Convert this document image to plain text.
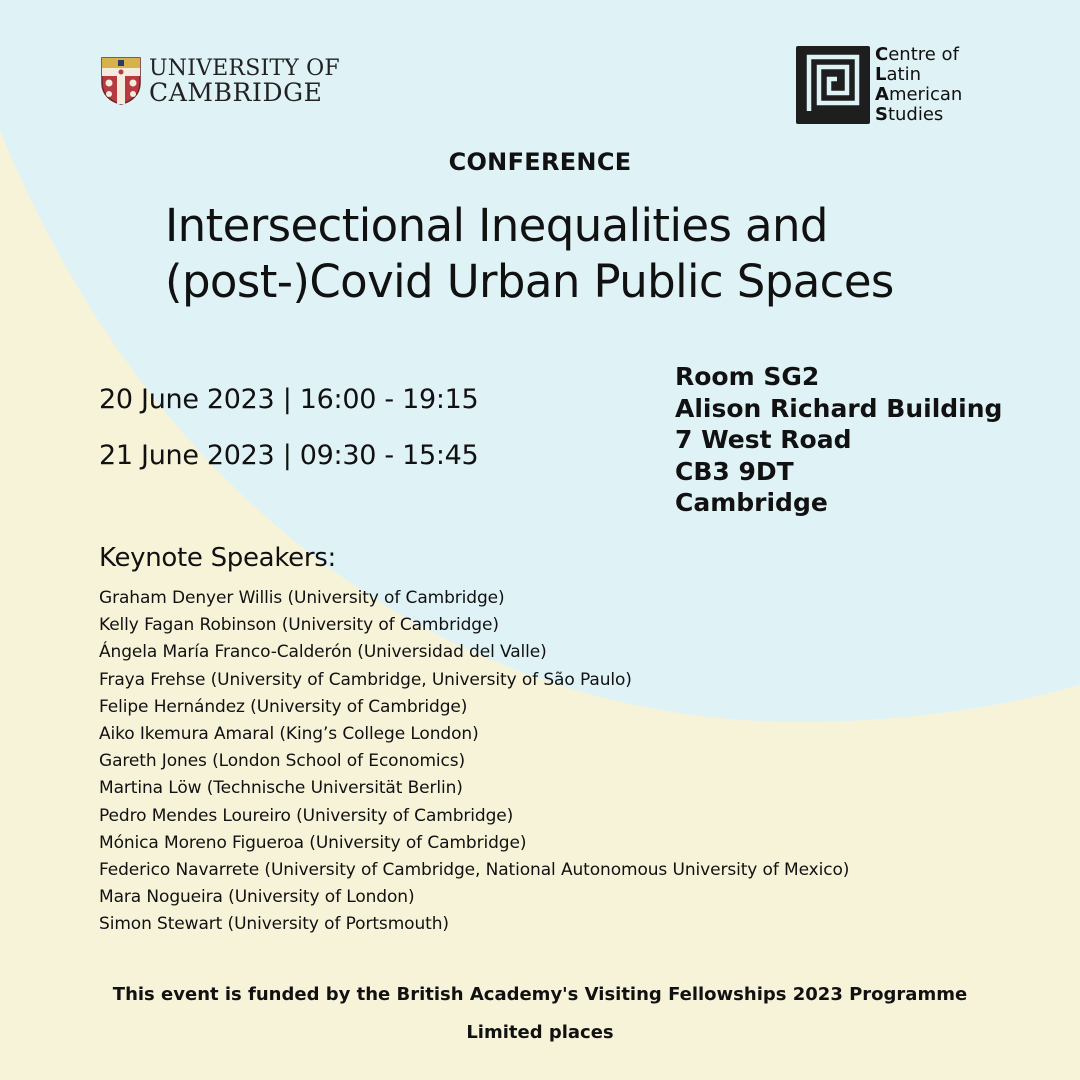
UNIVERSITY OF
CAMBRIDGE
Centre of
Latin
American
Studies
CONFERENCE
Intersectional Inequalities and
(post-)Covid Urban Public Spaces
20 June 2023 | 16:00 - 19:15
21 June 2023 | 09:30 - 15:45
Room SG2
Alison Richard Building
7 West Road
CB3 9DT
Cambridge
Keynote Speakers:
Graham Denyer Willis (University of Cambridge)
Kelly Fagan Robinson (University of Cambridge)
Ángela María Franco-Calderón (Universidad del Valle)
Fraya Frehse (University of Cambridge, University of São Paulo)
Felipe Hernández (University of Cambridge)
Aiko Ikemura Amaral (King’s College London)
Gareth Jones (London School of Economics)
Martina Löw (Technische Universität Berlin)
Pedro Mendes Loureiro (University of Cambridge)
Mónica Moreno Figueroa (University of Cambridge)
Federico Navarrete (University of Cambridge, National Autonomous University of Mexico)
Mara Nogueira (University of London)
Simon Stewart (University of Portsmouth)
This event is funded by the British Academy's Visiting Fellowships 2023 Programme
Limited places
